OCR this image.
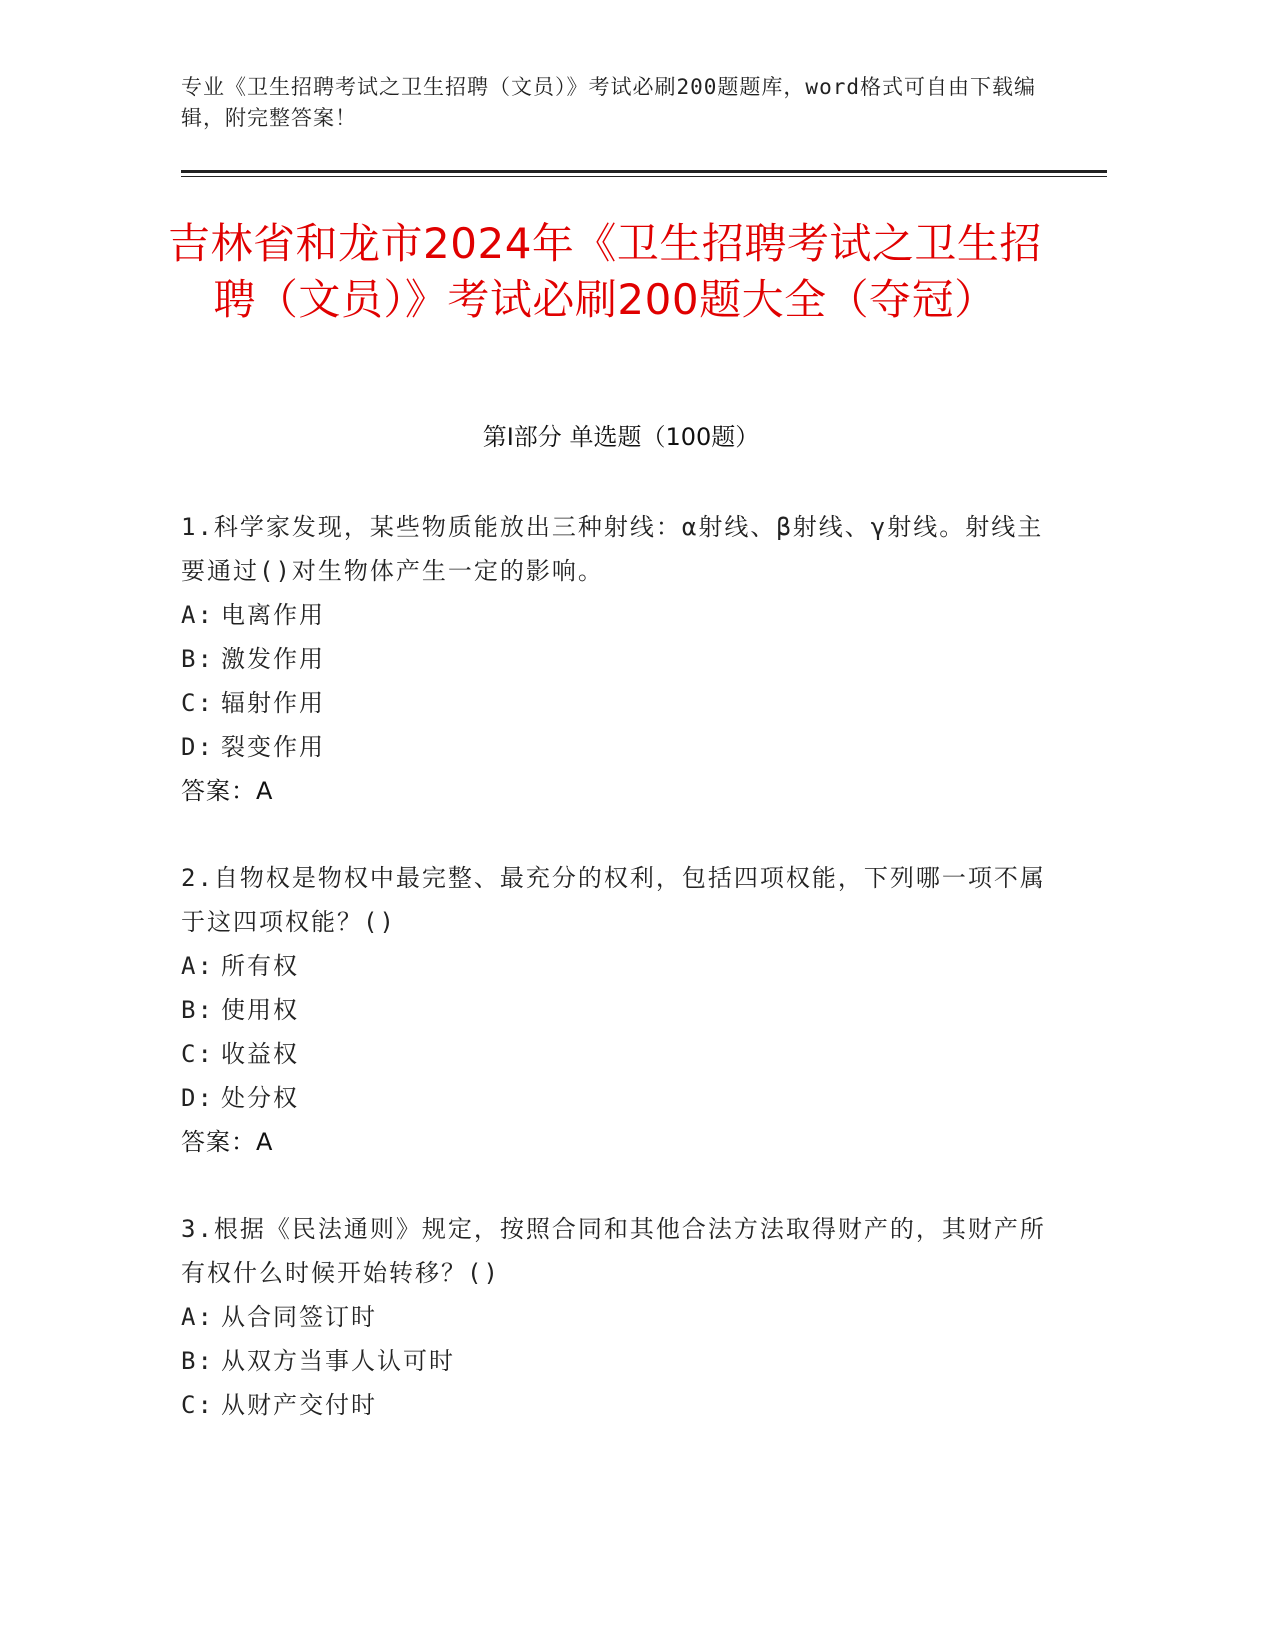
专业《卫生招聘考试之卫生招聘（文员）》考试必刷200题题库，word格式可自由下载编辑，附完整答案！
吉林省和龙市2024年《卫生招聘考试之卫生招聘（文员）》考试必刷200题大全（夺冠）
第Ⅰ部分 单选题（100题）

1.科学家发现，某些物质能放出三种射线：α射线、β射线、γ射线。射线主要通过()对生物体产生一定的影响。

A: 电离作用

B: 激发作用

C: 辐射作用

D: 裂变作用

答案：A

2.自物权是物权中最完整、最充分的权利，包括四项权能，下列哪一项不属于这四项权能？()

A: 所有权

B: 使用权

C: 收益权

D: 处分权

答案：A

3.根据《民法通则》规定，按照合同和其他合法方法取得财产的，其财产所有权什么时候开始转移？()

A: 从合同签订时

B: 从双方当事人认可时

C: 从财产交付时
